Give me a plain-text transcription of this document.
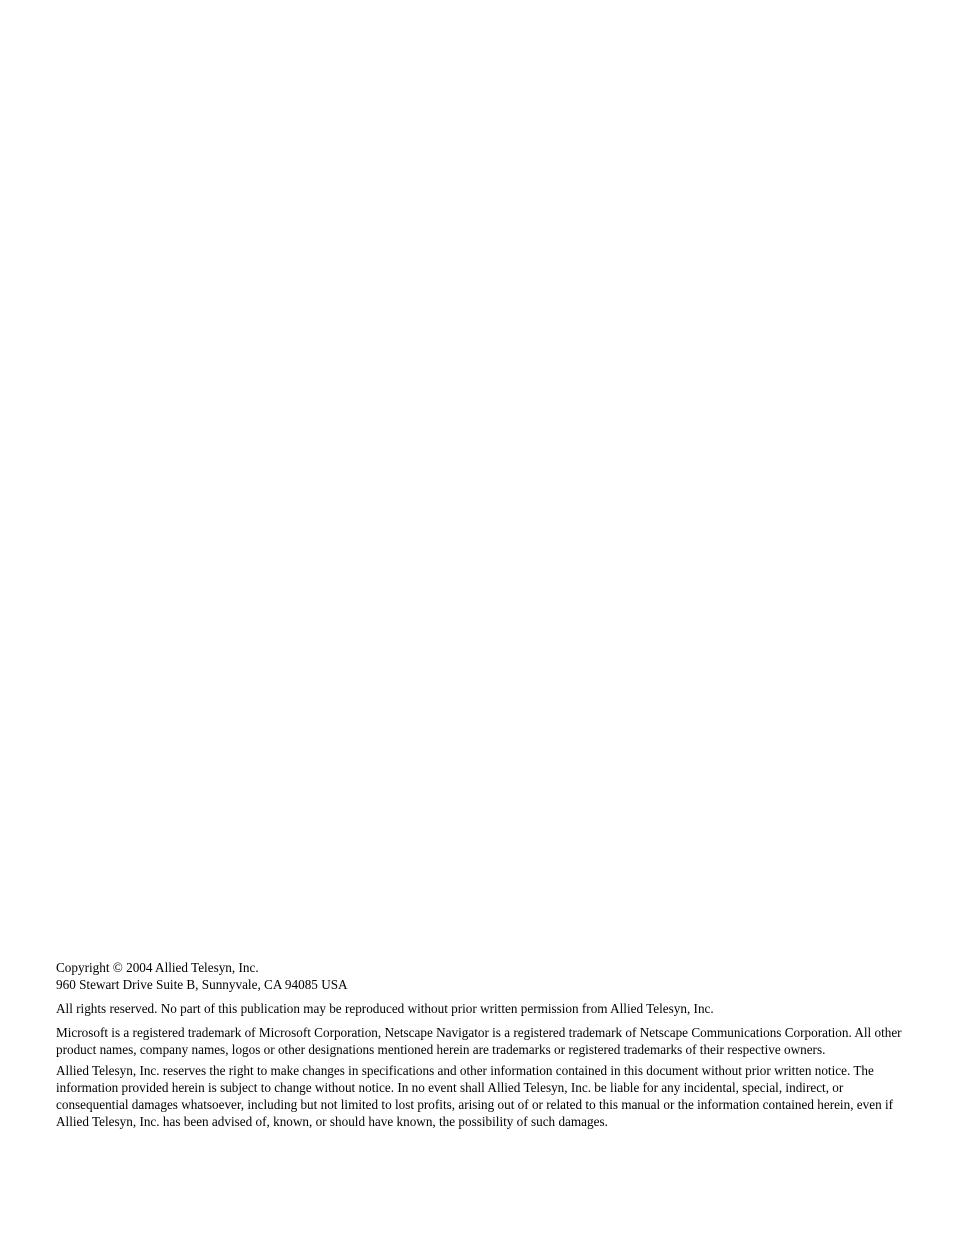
Copyright © 2004 Allied Telesyn, Inc.

960 Stewart Drive Suite B, Sunnyvale, CA 94085 USA

All rights reserved. No part of this publication may be reproduced without prior written permission from Allied Telesyn, Inc.

Microsoft is a registered trademark of Microsoft Corporation, Netscape Navigator is a registered trademark of Netscape Communications Corporation. All other product names, company names, logos or other designations mentioned herein are trademarks or registered trademarks of their respective owners.

Allied Telesyn, Inc. reserves the right to make changes in specifications and other information contained in this document without prior written notice. The information provided herein is subject to change without notice. In no event shall Allied Telesyn, Inc. be liable for any incidental, special, indirect, or consequential damages whatsoever, including but not limited to lost profits, arising out of or related to this manual or the information contained herein, even if Allied Telesyn, Inc. has been advised of, known, or should have known, the possibility of such damages.
